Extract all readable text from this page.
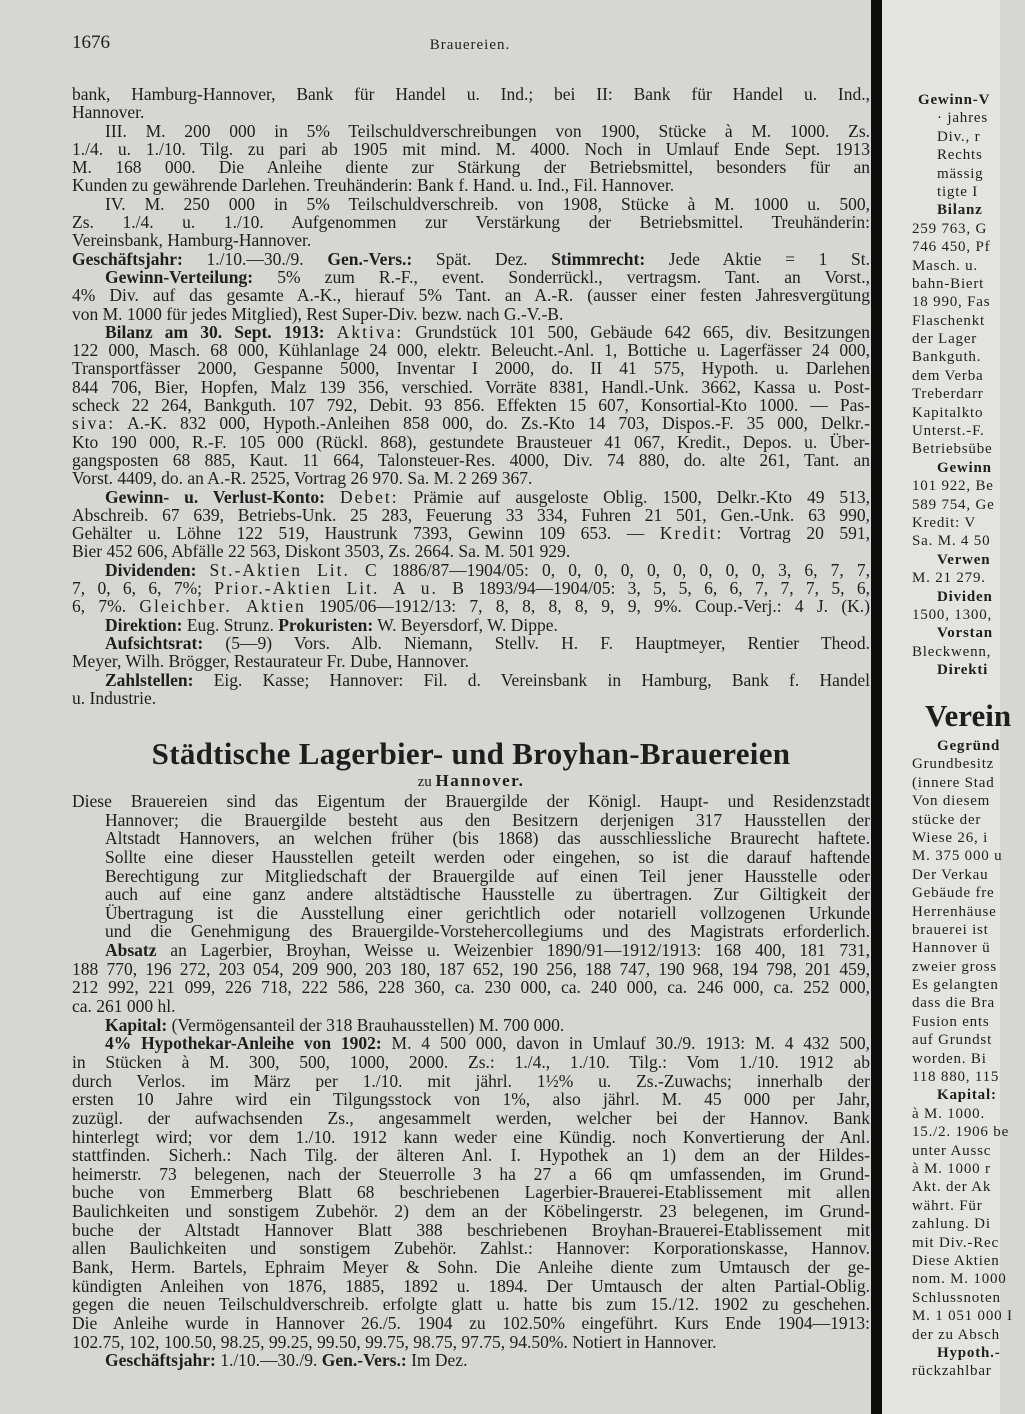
1676	Brauereien.
bank, Hamburg-Hannover, Bank für Handel u. Ind.; bei II: Bank für Handel u. Ind.,
Hannover.
III. M. 200 000 in 5% Teilschuldverschreibungen von 1900, Stücke à M. 1000. Zs.
1./4. u. 1./10. Tilg. zu pari ab 1905 mit mind. M. 4000. Noch in Umlauf Ende Sept. 1913
M. 168 000. Die Anleihe diente zur Stärkung der Betriebsmittel, besonders für an
Kunden zu gewährende Darlehen. Treuhänderin: Bank f. Hand. u. Ind., Fil. Hannover.
IV. M. 250 000 in 5% Teilschuldverschreib. von 1908, Stücke à M. 1000 u. 500,
Zs. 1./4. u. 1./10. Aufgenommen zur Verstärkung der Betriebsmittel. Treuhänderin:
Vereinsbank, Hamburg-Hannover.
Geschäftsjahr: 1./10.—30./9. Gen.-Vers.: Spät. Dez. Stimmrecht: Jede Aktie = 1 St.
Gewinn-Verteilung: 5% zum R.-F., event. Sonderrückl., vertragsm. Tant. an Vorst.,
4% Div. auf das gesamte A.-K., hierauf 5% Tant. an A.-R. (ausser einer festen Jahresvergütung
von M. 1000 für jedes Mitglied), Rest Super-Div. bezw. nach G.-V.-B.
Bilanz am 30. Sept. 1913: Aktiva: Grundstück 101 500, Gebäude 642 665, div. Besitzungen
122 000, Masch. 68 000, Kühlanlage 24 000, elektr. Beleucht.-Anl. 1, Bottiche u. Lagerfässer 24 000,
Transportfässer 2000, Gespanne 5000, Inventar I 2000, do. II 41 575, Hypoth. u. Darlehen
844 706, Bier, Hopfen, Malz 139 356, verschied. Vorräte 8381, Handl.-Unk. 3662, Kassa u. Post-
scheck 22 264, Bankguth. 107 792, Debit. 93 856. Effekten 15 607, Konsortial-Kto 1000. — Pas-
siva: A.-K. 832 000, Hypoth.-Anleihen 858 000, do. Zs.-Kto 14 703, Dispos.-F. 35 000, Delkr.-
Kto 190 000, R.-F. 105 000 (Rückl. 868), gestundete Brausteuer 41 067, Kredit., Depos. u. Über-
gangsposten 68 885, Kaut. 11 664, Talonsteuer-Res. 4000, Div. 74 880, do. alte 261, Tant. an
Vorst. 4409, do. an A.-R. 2525, Vortrag 26 970. Sa. M. 2 269 367.
Gewinn- u. Verlust-Konto: Debet: Prämie auf ausgeloste Oblig. 1500, Delkr.-Kto 49 513,
Abschreib. 67 639, Betriebs-Unk. 25 283, Feuerung 33 334, Fuhren 21 501, Gen.-Unk. 63 990,
Gehälter u. Löhne 122 519, Haustrunk 7393, Gewinn 109 653. — Kredit: Vortrag 20 591,
Bier 452 606, Abfälle 22 563, Diskont 3503, Zs. 2664. Sa. M. 501 929.
Dividenden: St.-Aktien Lit. C 1886/87—1904/05: 0, 0, 0, 0, 0, 0, 0, 0, 0, 3, 6, 7, 7,
7, 0, 6, 6, 7%; Prior.-Aktien Lit. A u. B 1893/94—1904/05: 3, 5, 5, 6, 6, 7, 7, 7, 5, 6,
6, 7%. Gleichber. Aktien 1905/06—1912/13: 7, 8, 8, 8, 8, 9, 9, 9%. Coup.-Verj.: 4 J. (K.)
Direktion: Eug. Strunz. Prokuristen: W. Beyersdorf, W. Dippe.
Aufsichtsrat: (5—9) Vors. Alb. Niemann, Stellv. H. F. Hauptmeyer, Rentier Theod.
Meyer, Wilh. Brögger, Restaurateur Fr. Dube, Hannover.
Zahlstellen: Eig. Kasse; Hannover: Fil. d. Vereinsbank in Hamburg, Bank f. Handel
u. Industrie.
Städtische Lagerbier- und Broyhan-Brauereien
zu Hannover.
Diese Brauereien sind das Eigentum der Brauergilde der Königl. Haupt- und Residenzstadt
Hannover; die Brauergilde besteht aus den Besitzern derjenigen 317 Hausstellen der
Altstadt Hannovers, an welchen früher (bis 1868) das ausschliessliche Braurecht haftete.
Sollte eine dieser Hausstellen geteilt werden oder eingehen, so ist die darauf haftende
Berechtigung zur Mitgliedschaft der Brauergilde auf einen Teil jener Hausstelle oder
auch auf eine ganz andere altstädtische Hausstelle zu übertragen. Zur Giltigkeit der
Übertragung ist die Ausstellung einer gerichtlich oder notariell vollzogenen Urkunde
und die Genehmigung des Brauergilde-Vorstehercollegiums und des Magistrats erforderlich.
Absatz an Lagerbier, Broyhan, Weisse u. Weizenbier 1890/91—1912/1913: 168 400, 181 731,
188 770, 196 272, 203 054, 209 900, 203 180, 187 652, 190 256, 188 747, 190 968, 194 798, 201 459,
212 992, 221 099, 226 718, 222 586, 228 360, ca. 230 000, ca. 240 000, ca. 246 000, ca. 252 000,
ca. 261 000 hl.
Kapital: (Vermögensanteil der 318 Brauhausstellen) M. 700 000.
4% Hypothekar-Anleihe von 1902: M. 4 500 000, davon in Umlauf 30./9. 1913: M. 4 432 500,
in Stücken à M. 300, 500, 1000, 2000. Zs.: 1./4., 1./10. Tilg.: Vom 1./10. 1912 ab
durch Verlos. im März per 1./10. mit jährl. 1½% u. Zs.-Zuwachs; innerhalb der
ersten 10 Jahre wird ein Tilgungsstock von 1%, also jährl. M. 45 000 per Jahr,
zuzügl. der aufwachsenden Zs., angesammelt werden, welcher bei der Hannov. Bank
hinterlegt wird; vor dem 1./10. 1912 kann weder eine Kündig. noch Konvertierung der Anl.
stattfinden. Sicherh.: Nach Tilg. der älteren Anl. I. Hypothek an 1) dem an der Hildes-
heimerstr. 73 belegenen, nach der Steuerrolle 3 ha 27 a 66 qm umfassenden, im Grund-
buche von Emmerberg Blatt 68 beschriebenen Lagerbier-Brauerei-Etablissement mit allen
Baulichkeiten und sonstigem Zubehör. 2) dem an der Köbelingerstr. 23 belegenen, im Grund-
buche der Altstadt Hannover Blatt 388 beschriebenen Broyhan-Brauerei-Etablissement mit
allen Baulichkeiten und sonstigem Zubehör. Zahlst.: Hannover: Korporationskasse, Hannov.
Bank, Herm. Bartels, Ephraim Meyer & Sohn. Die Anleihe diente zum Umtausch der ge-
kündigten Anleihen von 1876, 1885, 1892 u. 1894. Der Umtausch der alten Partial-Oblig.
gegen die neuen Teilschuldverschreib. erfolgte glatt u. hatte bis zum 15./12. 1902 zu geschehen.
Die Anleihe wurde in Hannover 26./5. 1904 zu 102.50% eingeführt. Kurs Ende 1904—1913:
102.75, 102, 100.50, 98.25, 99.25, 99.50, 99.75, 98.75, 97.75, 94.50%. Notiert in Hannover.
Geschäftsjahr: 1./10.—30./9. Gen.-Vers.: Im Dez.
Gewinn-V
· jahres
Div., r
Rechts
mässig
tigte I
Bilanz
259 763, G
746 450, Pf
Masch. u.
bahn-Biert
18 990, Fas
Flaschenkt
der Lager
Bankguth.
dem Verba
Treberdarr
Kapitalkto
Unterst.-F.
Betriebsübe
Gewinn
101 922, Be
589 754, Ge
Kredit: V
Sa. M. 4 50
Verwen
M. 21 279.
Dividen
1500, 1300,
Vorstan
Bleckwenn,
Direkti
Verein
Gegründ
Grundbesitz
(innere Stad
Von diesem
stücke der
Wiese 26, i
M. 375 000 u
Der Verkau
Gebäude fre
Herrenhäuse
brauerei ist
Hannover ü
zweier gross
Es gelangten
dass die Bra
Fusion ents
auf Grundst
worden. Bi
118 880, 115
Kapital:
à M. 1000.
15./2. 1906 be
unter Aussc
à M. 1000 r
Akt. der Ak
währt. Für
zahlung. Di
mit Div.-Rec
Diese Aktien
nom. M. 1000
Schlussnoten
M. 1 051 000 I
der zu Absch
Hypoth.-
rückzahlbar
